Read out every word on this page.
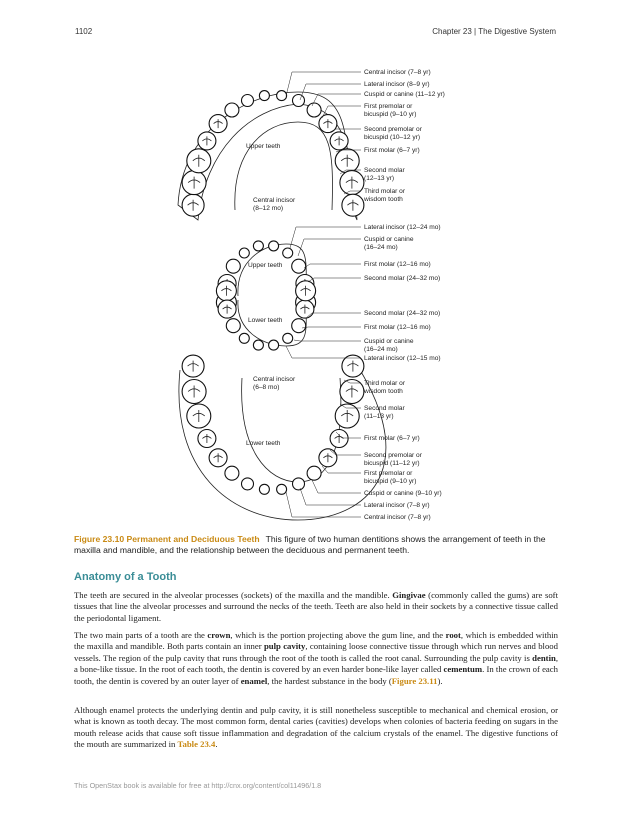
1102	Chapter 23 | The Digestive System
Central incisor (7–8 yr)
Lateral incisor (8–9 yr)
Cuspid or canine (11–12 yr)
First premolar or
bicuspid (9–10 yr)
Second premolar or
bicuspid (10–12 yr)
First molar (6–7 yr)
Second molar
(12–13 yr)
Third molar or
wisdom tooth
Lateral incisor (12–24 mo)
Cuspid or canine
(16–24 mo)
First molar (12–16 mo)
Second molar (24–32 mo)
Second molar (24–32 mo)
First molar (12–16 mo)
Cuspid or canine
(16–24 mo)
Lateral incisor (12–15 mo)
Third molar or
wisdom tooth
Second molar
(11–13 yr)
First molar (6–7 yr)
Second premolar or
bicuspid (11–12 yr)
First premolar or
bicuspid (9–10 yr)
Cuspid or canine (9–10 yr)
Lateral incisor (7–8 yr)
Central incisor (7–8 yr)
Upper teeth
Central incisor
(8–12 mo)
Upper teeth
Lower teeth
Central incisor
(6–8 mo)
Lower teeth
Figure 23.10 Permanent and Deciduous Teeth This figure of two human dentitions shows the arrangement of teeth in the maxilla and mandible, and the relationship between the deciduous and permanent teeth.
Anatomy of a Tooth

The teeth are secured in the alveolar processes (sockets) of the maxilla and the mandible. Gingivae (commonly called the gums) are soft tissues that line the alveolar processes and surround the necks of the teeth. Teeth are also held in their sockets by a connective tissue called the periodontal ligament.

The two main parts of a tooth are the crown, which is the portion projecting above the gum line, and the root, which is embedded within the maxilla and mandible. Both parts contain an inner pulp cavity, containing loose connective tissue through which run nerves and blood vessels. The region of the pulp cavity that runs through the root of the tooth is called the root canal. Surrounding the pulp cavity is dentin, a bone-like tissue. In the root of each tooth, the dentin is covered by an even harder bone-like layer called cementum. In the crown of each tooth, the dentin is covered by an outer layer of enamel, the hardest substance in the body (Figure 23.11).

Although enamel protects the underlying dentin and pulp cavity, it is still nonetheless susceptible to mechanical and chemical erosion, or what is known as tooth decay. The most common form, dental caries (cavities) develops when colonies of bacteria feeding on sugars in the mouth release acids that cause soft tissue inflammation and degradation of the calcium crystals of the enamel. The digestive functions of the mouth are summarized in Table 23.4.

This OpenStax book is available for free at http://cnx.org/content/col11496/1.8
